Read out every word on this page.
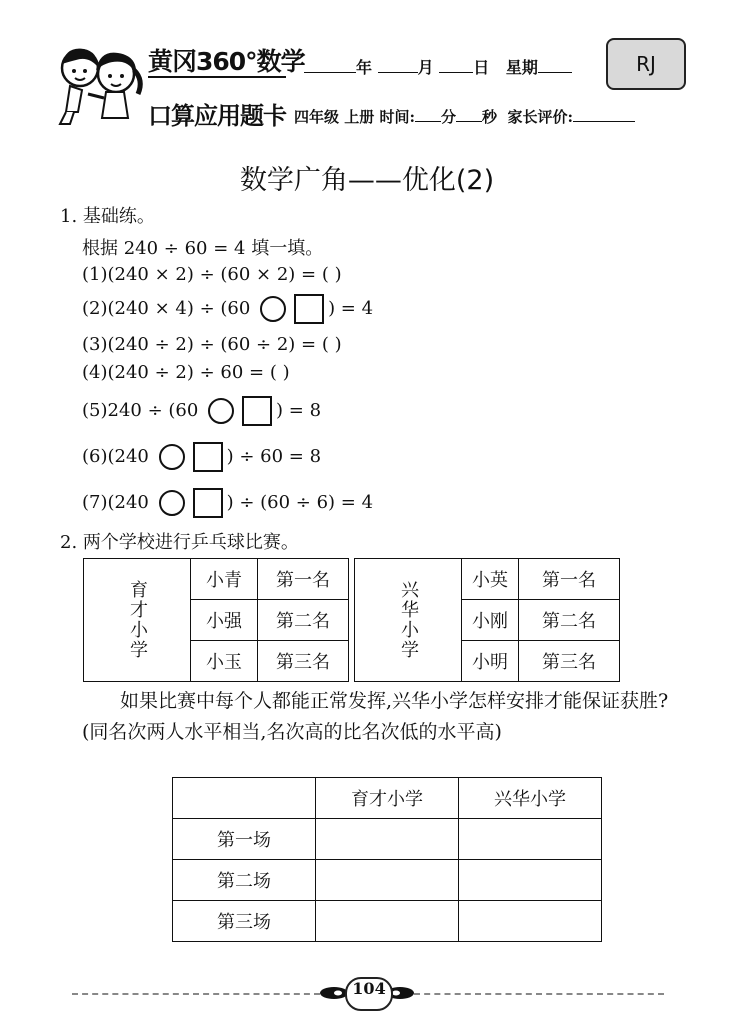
黄冈360°数学
口算应用题卡
年	月 日 星期	RJ
四年级 上册 时间: 分 秒 家长评价:
数学广角——优化(2)
1. 基础练。
根据 240 ÷ 60 = 4 填一填。
(1)(240 × 2) ÷ (60 × 2) = ( )
(2)(240 × 4) ÷ (60	) = 4
(3)(240 ÷ 2) ÷ (60 ÷ 2) = ( )
(4)(240 ÷ 2) ÷ 60 = ( )
(5)240 ÷ (60	) = 8
(6)(240	) ÷ 60 = 8
(7)(240	) ÷ (60 ÷ 6) = 4
2. 两个学校进行乒乓球比赛。
育才小学	小青	第一名
	小强	第二名
	小玉	第三名
兴华小学	小英	第一名
	小刚	第二名
	小明	第三名
如果比赛中每个人都能正常发挥,兴华小学怎样安排才能保证获胜?(同名次两人水平相当,名次高的比名次低的水平高)
	育才小学	兴华小学
第一场		
第二场		
第三场		
104
